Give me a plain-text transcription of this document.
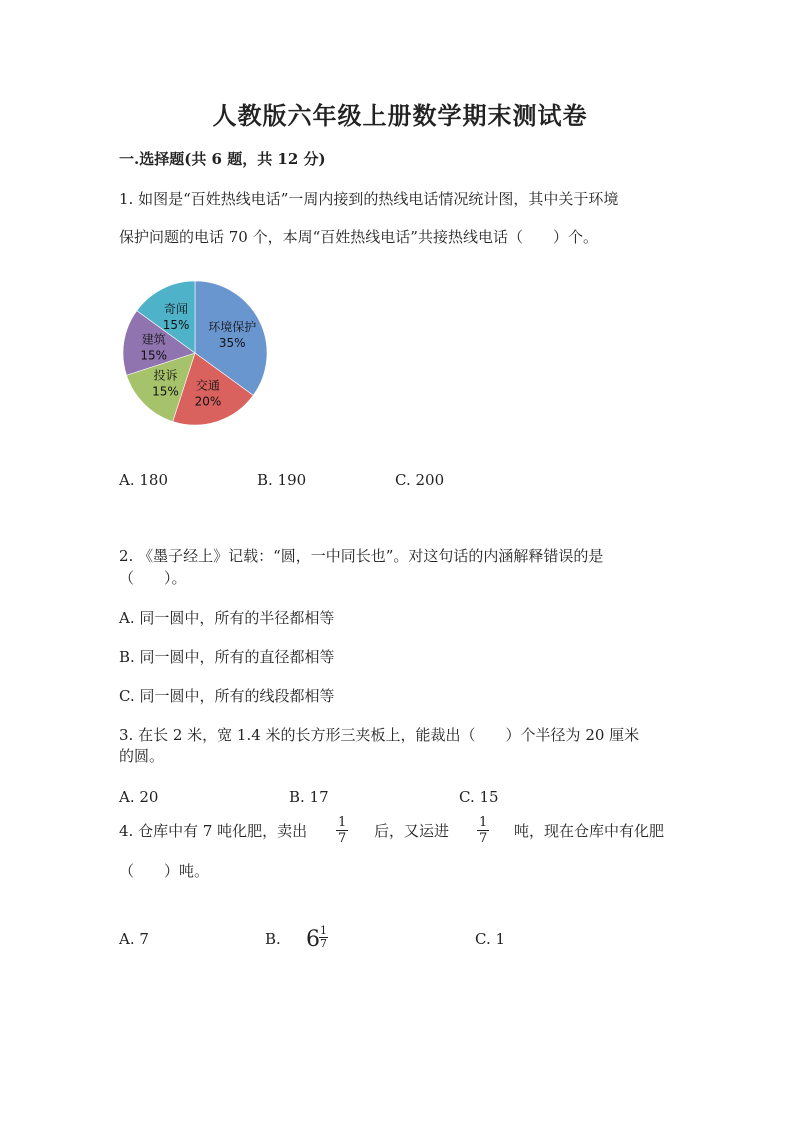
人教版六年级上册数学期末测试卷
一.选择题(共 6 题，共 12 分)
1. 如图是“百姓热线电话”一周内接到的热线电话情况统计图，其中关于环境
保护问题的电话 70 个，本周“百姓热线电话”共接热线电话（　　）个。
环境保护
35%
交通
20%
投诉
15%
建筑
15%
奇闻
15%
A. 180	B. 190	C. 200
2. 《墨子经上》记载：“圆，一中同长也”。对这句话的内涵解释错误的是
（　　）。
A. 同一圆中，所有的半径都相等
B. 同一圆中，所有的直径都相等
C. 同一圆中，所有的线段都相等
3. 在长 2 米，宽 1.4 米的长方形三夹板上，能裁出（　　）个半径为 20 厘米
的圆。
A. 20	B. 17	C. 15
4. 仓库中有 7 吨化肥，卖出 $\frac{1}{7}$ 后，又运进 $\frac{1}{7}$ 吨，现在仓库中有化肥
（　　）吨。
A. 7	B. $6 \frac{1}{7}$	C. 1
